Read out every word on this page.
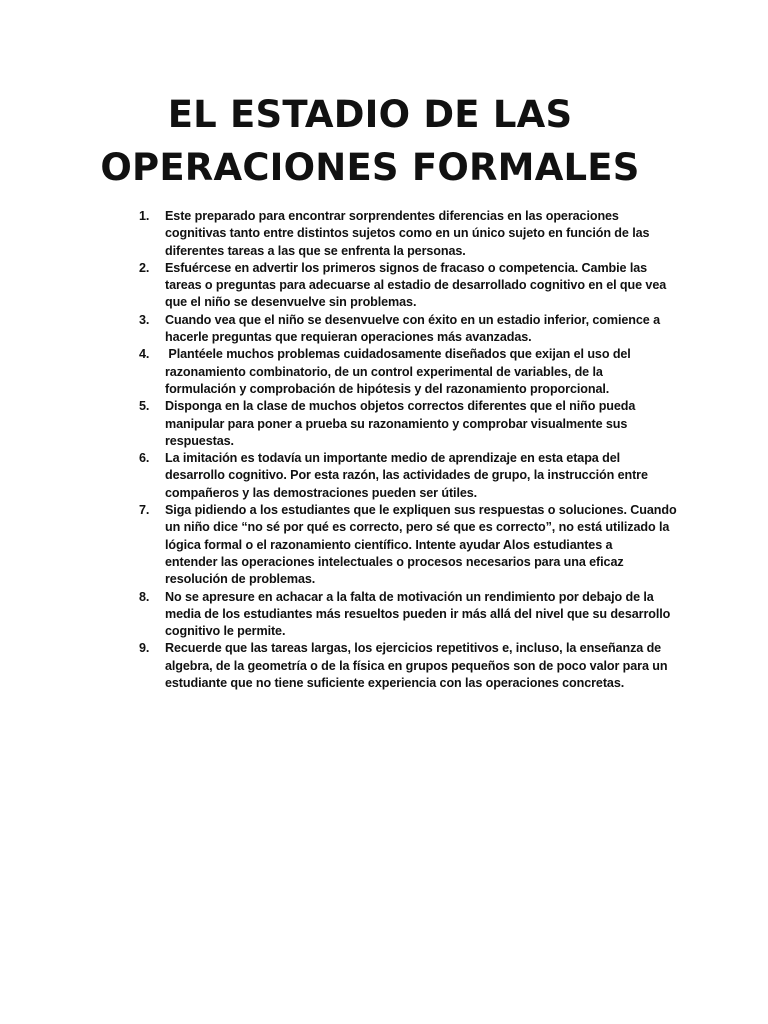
EL ESTADIO DE LAS
OPERACIONES FORMALES
1.	Este preparado para encontrar sorprendentes diferencias en las operaciones
cognitivas tanto entre distintos sujetos como en un único sujeto en función de las
diferentes tareas a las que se enfrenta la personas.
2.	Esfuércese en advertir los primeros signos de fracaso o competencia. Cambie las
tareas o preguntas para adecuarse al estadio de desarrollado cognitivo en el que vea
que el niño se desenvuelve sin problemas.
3.	Cuando vea que el niño se desenvuelve con éxito en un estadio inferior, comience a
hacerle preguntas que requieran operaciones más avanzadas.
4.	Plantéele muchos problemas cuidadosamente diseñados que exijan el uso del
razonamiento combinatorio, de un control experimental de variables, de la
formulación y comprobación de hipótesis y del razonamiento proporcional.
5.	Disponga en la clase de muchos objetos correctos diferentes que el niño pueda
manipular para poner a prueba su razonamiento y comprobar visualmente sus
respuestas.
6.	La imitación es todavía un importante medio de aprendizaje en esta etapa del
desarrollo cognitivo. Por esta razón, las actividades de grupo, la instrucción entre
compañeros y las demostraciones pueden ser útiles.
7.	Siga pidiendo a los estudiantes que le expliquen sus respuestas o soluciones. Cuando
un niño dice “no sé por qué es correcto, pero sé que es correcto”, no está utilizado la
lógica formal o el razonamiento científico. Intente ayudar Alos estudiantes a
entender las operaciones intelectuales o procesos necesarios para una eficaz
resolución de problemas.
8.	No se apresure en achacar a la falta de motivación un rendimiento por debajo de la
media de los estudiantes más resueltos pueden ir más allá del nivel que su desarrollo
cognitivo le permite.
9.	Recuerde que las tareas largas, los ejercicios repetitivos e, incluso, la enseñanza de
algebra, de la geometría o de la física en grupos pequeños son de poco valor para un
estudiante que no tiene suficiente experiencia con las operaciones concretas.
